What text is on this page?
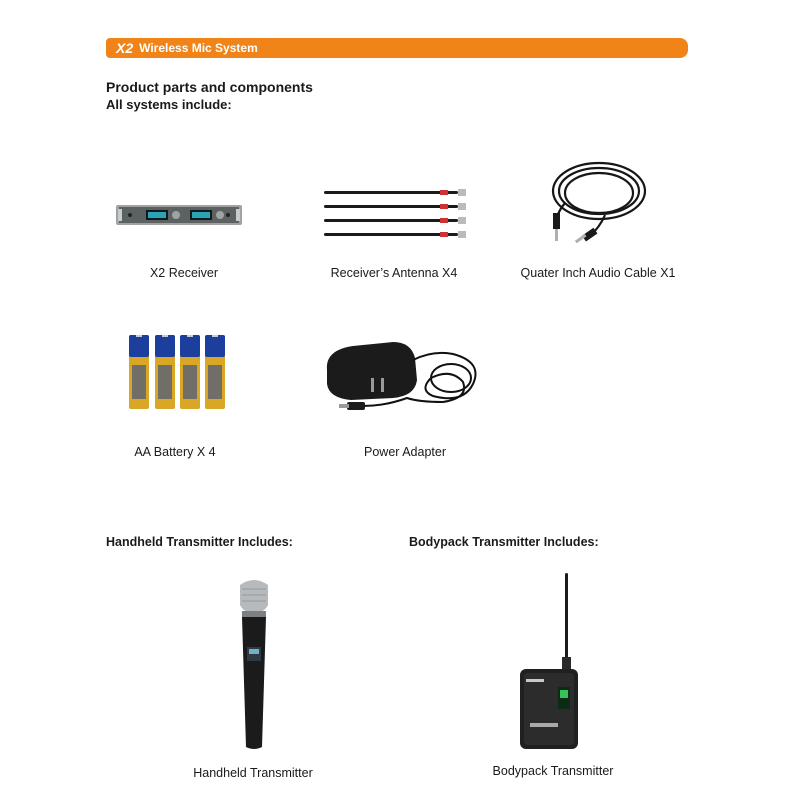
X2 Wireless Mic System
Product parts and components
All systems include:
X2 Receiver	Receiver’s Antenna X4	Quater Inch Audio Cable X1
AA Battery X 4	Power Adapter
Handheld Transmitter Includes:	Bodypack Transmitter Includes:
Handheld Transmitter	Bodypack Transmitter
